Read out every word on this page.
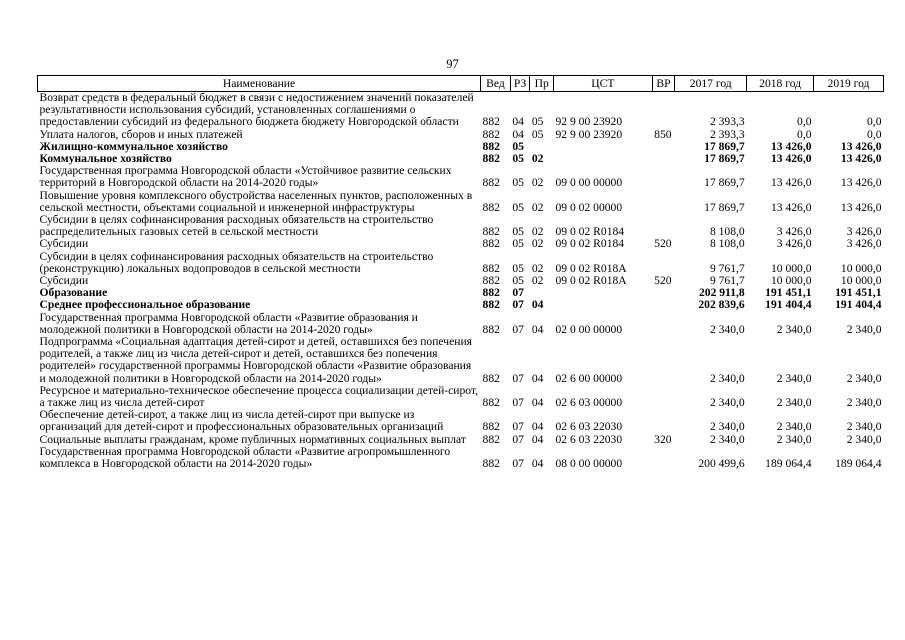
97
Наименование	Вед	РЗ	Пр	ЦСТ	ВР	2017 год	2018 год	2019 год
Возврат средств в федеральный бюджет в связи с недостижением значений показателей результативности использования субсидий, установленных соглашениями о предоставлении субсидий из федерального бюджета бюджету Новгородской области	882	04	05	92 9 00 23920		2 393,3	0,0	0,0
Уплата налогов, сборов и иных платежей	882	04	05	92 9 00 23920	850	2 393,3	0,0	0,0
Жилищно-коммунальное хозяйство	882	05				17 869,7	13 426,0	13 426,0
Коммунальное хозяйство	882	05	02			17 869,7	13 426,0	13 426,0
Государственная программа Новгородской области «Устойчивое развитие сельских территорий в Новгородской области на 2014-2020 годы»	882	05	02	09 0 00 00000		17 869,7	13 426,0	13 426,0
Повышение уровня комплексного обустройства населенных пунктов, расположенных в сельской местности, объектами социальной и инженерной инфраструктуры	882	05	02	09 0 02 00000		17 869,7	13 426,0	13 426,0
Субсидии в целях софинансирования расходных обязательств на строительство распределительных газовых сетей в сельской местности	882	05	02	09 0 02 R0184		8 108,0	3 426,0	3 426,0
Субсидии	882	05	02	09 0 02 R0184	520	8 108,0	3 426,0	3 426,0
Субсидии в целях софинансирования расходных обязательств на строительство (реконструкцию) локальных водопроводов в сельской местности	882	05	02	09 0 02 R018A		9 761,7	10 000,0	10 000,0
Субсидии	882	05	02	09 0 02 R018A	520	9 761,7	10 000,0	10 000,0
Образование	882	07				202 911,8	191 451,1	191 451,1
Среднее профессиональное образование	882	07	04			202 839,6	191 404,4	191 404,4
Государственная программа Новгородской области «Развитие образования и молодежной политики в Новгородской области на 2014-2020 годы»	882	07	04	02 0 00 00000		2 340,0	2 340,0	2 340,0
Подпрограмма «Социальная адаптация детей-сирот и детей, оставшихся без попечения родителей, а также лиц из числа детей-сирот и детей, оставшихся без попечения родителей» государственной программы Новгородской области «Развитие образования и молодежной политики в Новгородской области на 2014-2020 годы»	882	07	04	02 6 00 00000		2 340,0	2 340,0	2 340,0
Ресурсное и материально-техническое обеспечение процесса социализации детей-сирот, а также лиц из числа детей-сирот	882	07	04	02 6 03 00000		2 340,0	2 340,0	2 340,0
Обеспечение детей-сирот, а также лиц из числа детей-сирот при выпуске из организаций для детей-сирот и профессиональных образовательных организаций	882	07	04	02 6 03 22030		2 340,0	2 340,0	2 340,0
Социальные выплаты гражданам, кроме публичных нормативных социальных выплат	882	07	04	02 6 03 22030	320	2 340,0	2 340,0	2 340,0
Государственная программа Новгородской области «Развитие агропромышленного комплекса в Новгородской области на 2014-2020 годы»	882	07	04	08 0 00 00000		200 499,6	189 064,4	189 064,4
